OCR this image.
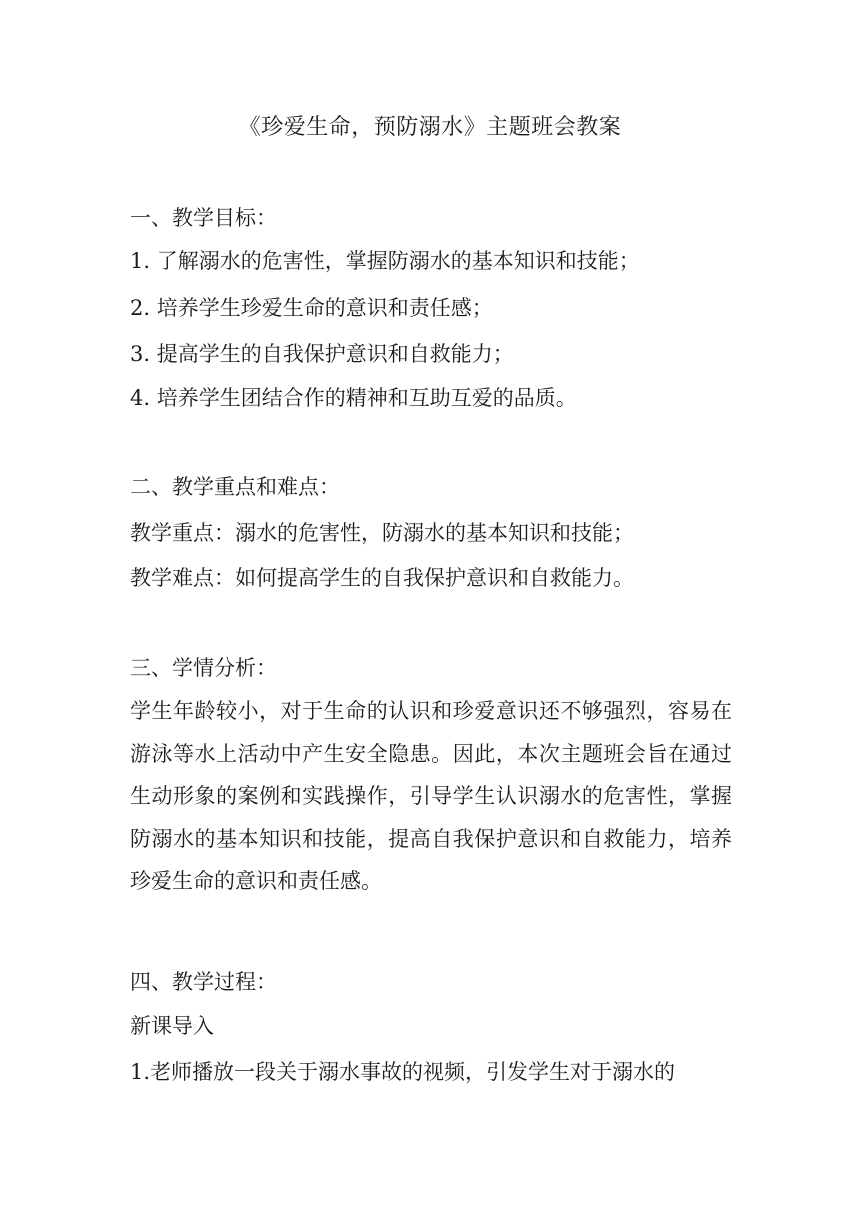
《珍爱生命，预防溺水》主题班会教案
一、教学目标：
1. 了解溺水的危害性，掌握防溺水的基本知识和技能；
2. 培养学生珍爱生命的意识和责任感；
3. 提高学生的自我保护意识和自救能力；
4. 培养学生团结合作的精神和互助互爱的品质。
二、教学重点和难点：
教学重点：溺水的危害性，防溺水的基本知识和技能；
教学难点：如何提高学生的自我保护意识和自救能力。
三、学情分析：
学生年龄较小，对于生命的认识和珍爱意识还不够强烈，容易在游泳等水上活动中产生安全隐患。因此，本次主题班会旨在通过生动形象的案例和实践操作，引导学生认识溺水的危害性，掌握防溺水的基本知识和技能，提高自我保护意识和自救能力，培养珍爱生命的意识和责任感。
四、教学过程：
新课导入
1.老师播放一段关于溺水事故的视频，引发学生对于溺水的
